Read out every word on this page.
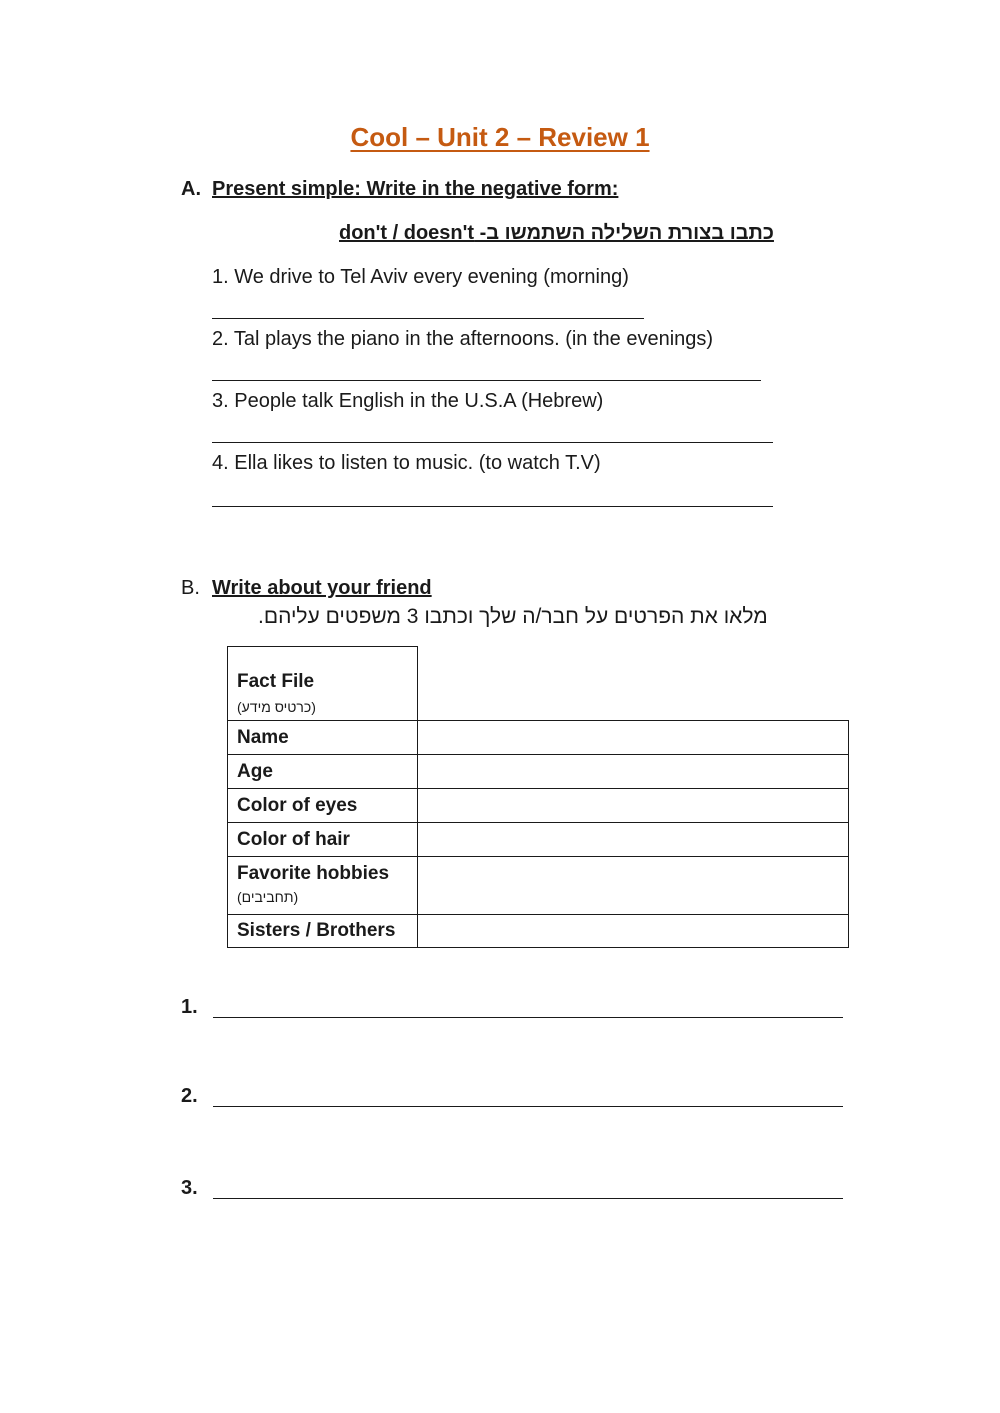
Cool – Unit 2 – Review 1
A. Present simple: Write in the negative form:
כתבו בצורת השלילה השתמשו ב- don't / doesn't
1. We drive to Tel Aviv every evening (morning)
2. Tal plays the piano in the afternoons. (in the evenings)
3. People talk English in the U.S.A (Hebrew)
4. Ella likes to listen to music. (to watch T.V)
B. Write about your friend
מלאו את הפרטים על חבר/ה שלך וכתבו 3 משפטים עליהם.
Fact File
(כרטיס מידע)
Name
Age
Color of eyes
Color of hair
Favorite hobbies
(תחביבים)
Sisters / Brothers
1.
2.
3.
